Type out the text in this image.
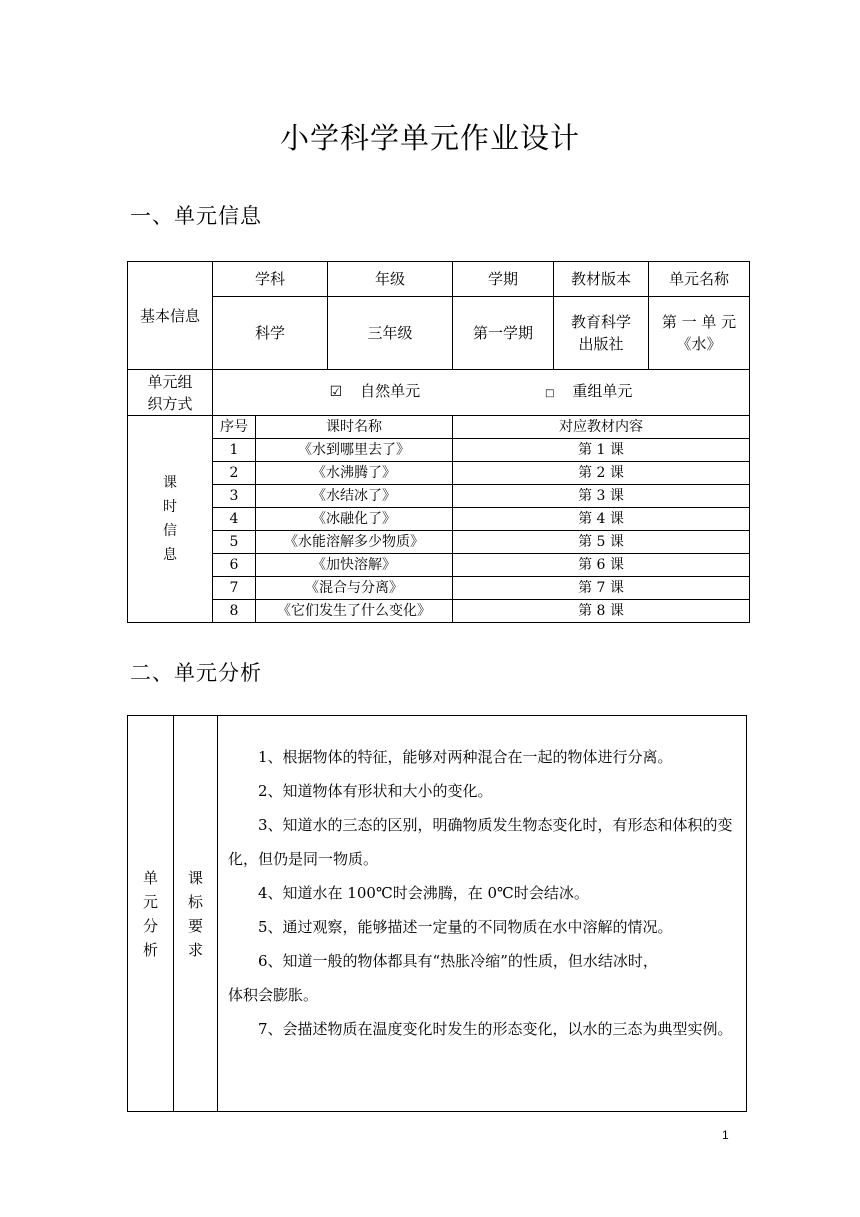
小学科学单元作业设计
一、单元信息
基本信息	学科		年级	学期	教材版本	单元名称
	科学		三年级	第一学期	教育科学出版社	第 一 单 元《水》
单元组织方式	☑ 自然单元 □ 重组单元					
课时信息	序号	课时名称		对应教材内容		
	1	《水到哪里去了》		第 1 课		
	2	《水沸腾了》		第 2 课		
	3	《水结冰了》		第 3 课		
	4	《冰融化了》		第 4 课		
	5	《水能溶解多少物质》		第 5 课		
	6	《加快溶解》		第 6 课		
	7	《混合与分离》		第 7 课		
	8	《它们发生了什么变化》		第 8 课		
二、单元分析
单元分析	课标要求	

1、根据物体的特征，能够对两种混合在一起的物体进行分离。

2、知道物体有形状和大小的变化。

3、知道水的三态的区别，明确物质发生物态变化时，有形态和体积的变化，但仍是同一物质。

4、知道水在 100℃时会沸腾，在 0℃时会结冰。

5、通过观察，能够描述一定量的不同物质在水中溶解的情况。

6、知道一般的物体都具有“热胀冷缩”的性质，但水结冰时，

体积会膨胀。

7、会描述物质在温度变化时发生的形态变化，以水的三态为典型实例。

1
